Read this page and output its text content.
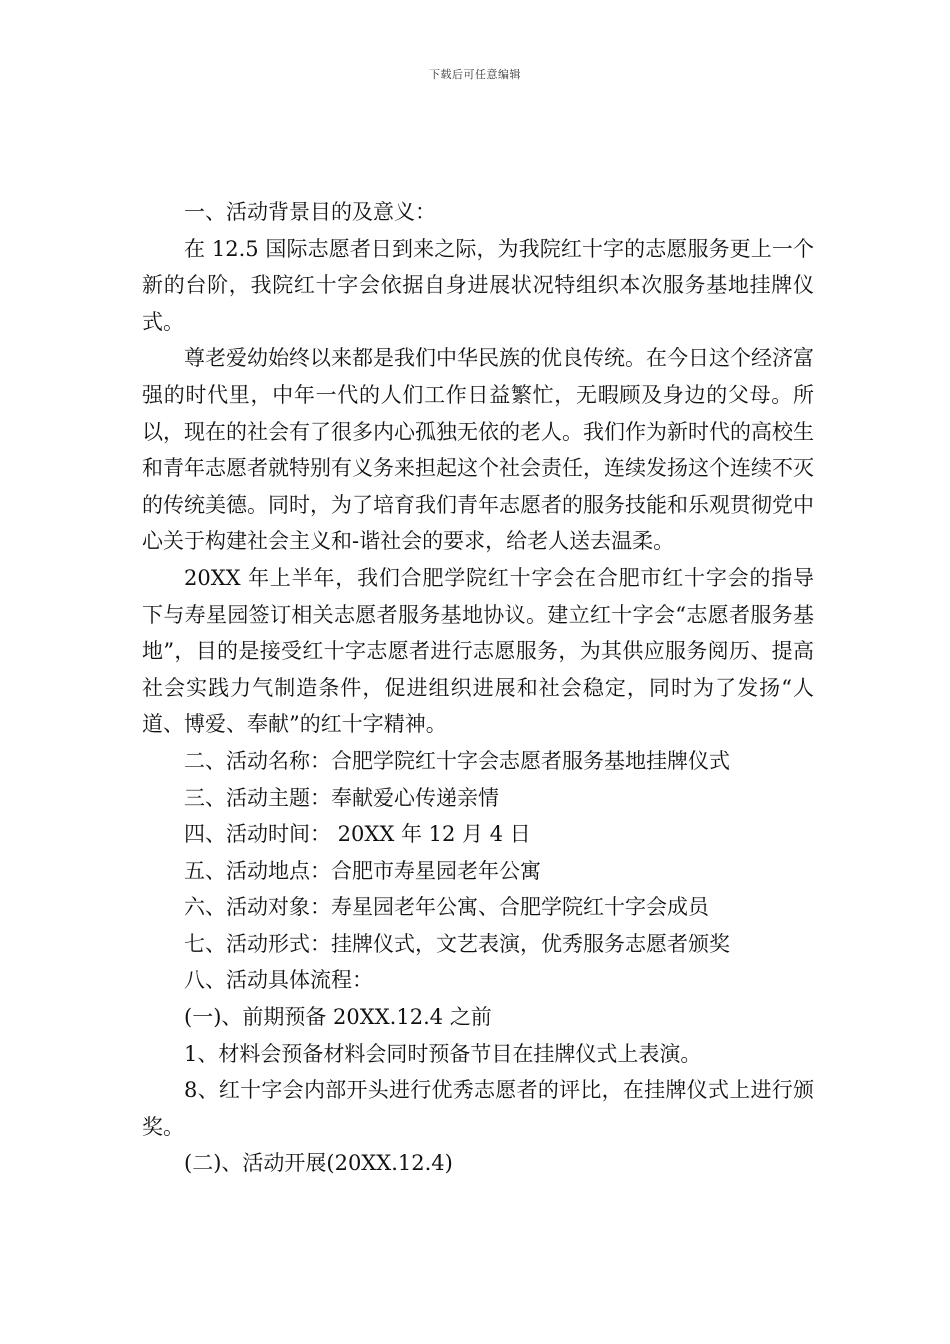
下载后可任意编辑

一、活动背景目的及意义：

在 12.5 国际志愿者日到来之际，为我院红十字的志愿服务更上一个新的台阶，我院红十字会依据自身进展状况特组织本次服务基地挂牌仪式。

尊老爱幼始终以来都是我们中华民族的优良传统。在今日这个经济富强的时代里，中年一代的人们工作日益繁忙，无暇顾及身边的父母。所以，现在的社会有了很多内心孤独无依的老人。我们作为新时代的高校生和青年志愿者就特别有义务来担起这个社会责任，连续发扬这个连续不灭的传统美德。同时，为了培育我们青年志愿者的服务技能和乐观贯彻党中心关于构建社会主义和-谐社会的要求，给老人送去温柔。

20XX 年上半年，我们合肥学院红十字会在合肥市红十字会的指导下与寿星园签订相关志愿者服务基地协议。建立红十字会“志愿者服务基地”，目的是接受红十字志愿者进行志愿服务，为其供应服务阅历、提高社会实践力气制造条件，促进组织进展和社会稳定，同时为了发扬“人道、博爱、奉献”的红十字精神。

二、活动名称：合肥学院红十字会志愿者服务基地挂牌仪式

三、活动主题：奉献爱心传递亲情

四、活动时间： 20XX 年 12 月 4 日

五、活动地点：合肥市寿星园老年公寓

六、活动对象：寿星园老年公寓、合肥学院红十字会成员

七、活动形式：挂牌仪式，文艺表演，优秀服务志愿者颁奖

八、活动具体流程：

(一)、前期预备 20XX.12.4 之前

1、材料会预备材料会同时预备节目在挂牌仪式上表演。

8、红十字会内部开头进行优秀志愿者的评比，在挂牌仪式上进行颁奖。

(二)、活动开展(20XX.12.4)
